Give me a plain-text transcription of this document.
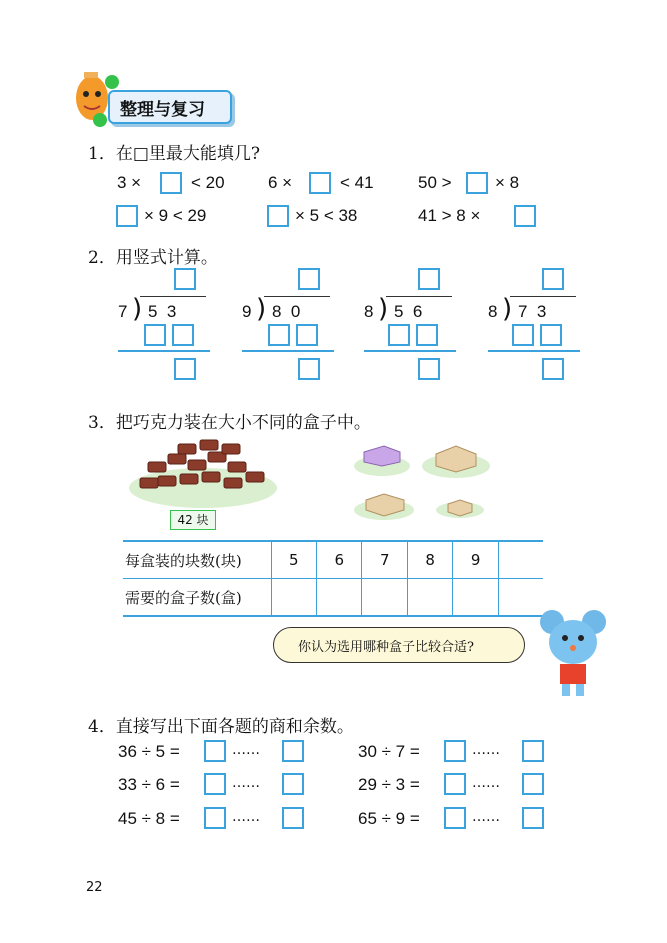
整理与复习
1．在□里最大能填几?
3 ×	< 20	6 ×	< 41	50 >	× 8
× 9 < 29	× 5 < 38	41 > 8 ×
2．用竖式计算。
7 ) 5  3	9 ) 8  0	8 ) 5  6	8 ) 7  3
3．把巧克力装在大小不同的盒子中。
42 块
每盒装的块数(块)	5	6	7	8	9	
需要的盒子数(盒)						
你认为选用哪种盒子比较合适?
4．直接写出下面各题的商和余数。
36 ÷ 5 =	……	30 ÷ 7 =	……
33 ÷ 6 =	……	29 ÷ 3 =	……
45 ÷ 8 =	……	65 ÷ 9 =	……
22
